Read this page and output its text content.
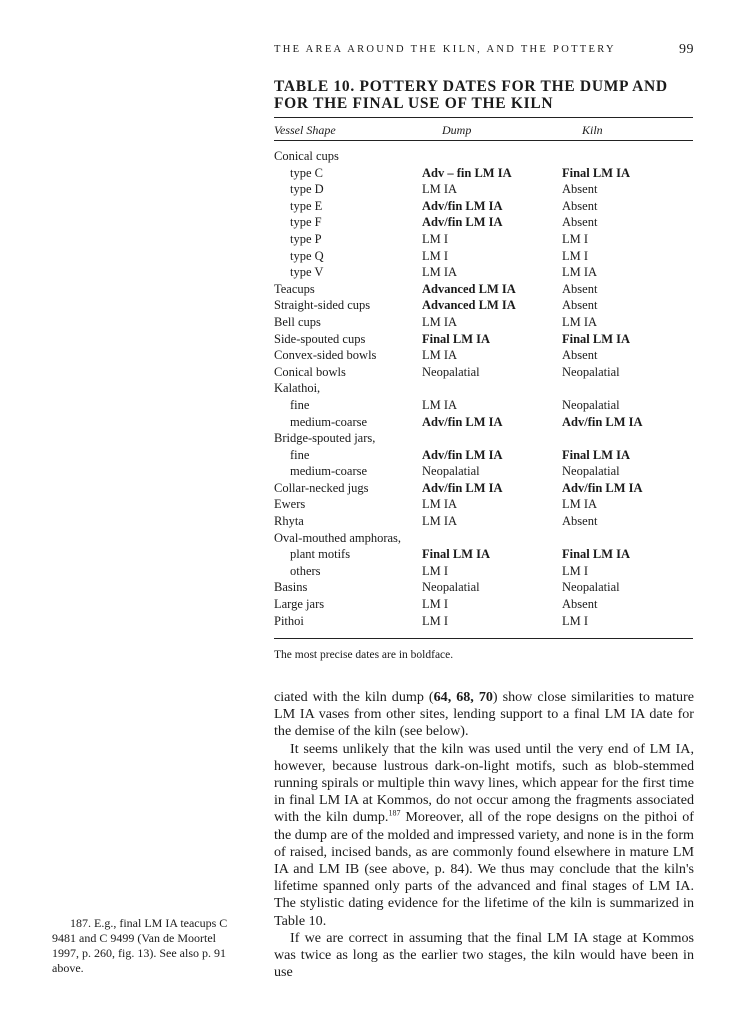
THE AREA AROUND THE KILN, AND THE POTTERY	99
TABLE 10. POTTERY DATES FOR THE DUMP AND
FOR THE FINAL USE OF THE KILN
Vessel Shape	Dump	Kiln
Conical cups
type C	Adv – fin LM IA	Final LM IA
type D	LM IA	Absent
type E	Adv/fin LM IA	Absent
type F	Adv/fin LM IA	Absent
type P	LM I	LM I
type Q	LM I	LM I
type V	LM IA	LM IA
Teacups	Advanced LM IA	Absent
Straight-sided cups	Advanced LM IA	Absent
Bell cups	LM IA	LM IA
Side-spouted cups	Final LM IA	Final LM IA
Convex-sided bowls	LM IA	Absent
Conical bowls	Neopalatial	Neopalatial
Kalathoi,
fine	LM IA	Neopalatial
medium-coarse	Adv/fin LM IA	Adv/fin LM IA
Bridge-spouted jars,
fine	Adv/fin LM IA	Final LM IA
medium-coarse	Neopalatial	Neopalatial
Collar-necked jugs	Adv/fin LM IA	Adv/fin LM IA
Ewers	LM IA	LM IA
Rhyta	LM IA	Absent
Oval-mouthed amphoras,
plant motifs	Final LM IA	Final LM IA
others	LM I	LM I
Basins	Neopalatial	Neopalatial
Large jars	LM I	Absent
Pithoi	LM I	LM I
The most precise dates are in boldface.

ciated with the kiln dump (64, 68, 70) show close similarities to mature LM IA vases from other sites, lending support to a final LM IA date for the demise of the kiln (see below).

It seems unlikely that the kiln was used until the very end of LM IA, however, because lustrous dark-on-light motifs, such as blob-stemmed running spirals or multiple thin wavy lines, which appear for the first time in final LM IA at Kommos, do not occur among the fragments associated with the kiln dump.$^{187}$ Moreover, all of the rope designs on the pithoi of the dump are of the molded and impressed variety, and none is in the form of raised, incised bands, as are commonly found elsewhere in mature LM IA and LM IB (see above, p. 84). We thus may conclude that the kiln's lifetime spanned only parts of the advanced and final stages of LM IA. The stylistic dating evidence for the lifetime of the kiln is summarized in Table 10.

If we are correct in assuming that the final LM IA stage at Kommos was twice as long as the earlier two stages, the kiln would have been in use

187. E.g., final LM IA teacups C 9481 and C 9499 (Van de Moortel 1997, p. 260, fig. 13). See also p. 91 above.
